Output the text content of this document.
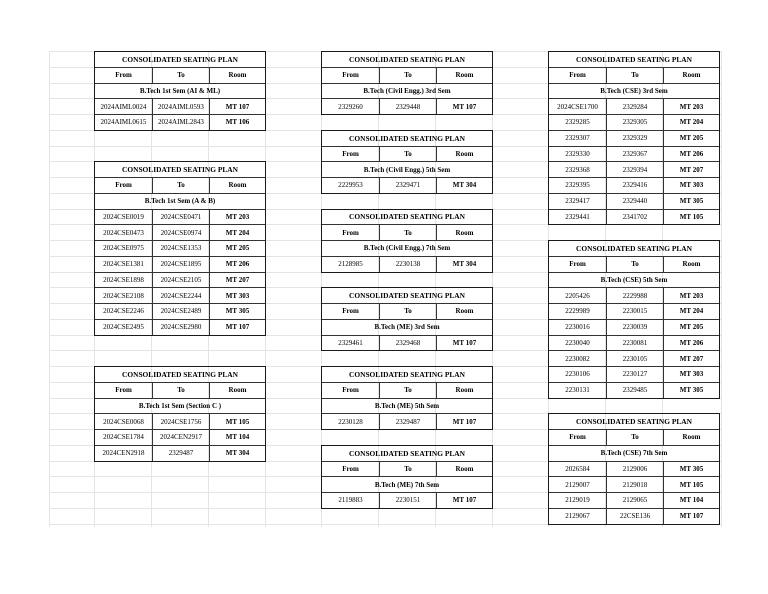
CONSOLIDATED SEATING PLAN
From	To	Room
B.Tech 1st Sem (AI & ML)
2024AIML0024	2024AIML0593	MT 107
2024AIML0615	2024AIML2843	MT 106
CONSOLIDATED SEATING PLAN
From	To	Room
B.Tech 1st Sem (A & B)
2024CSE0019	2024CSE0471	MT 203
2024CSE0473	2024CSE0974	MT 204
2024CSE0975	2024CSE1353	MT 205
2024CSE1381	2024CSE1895	MT 206
2024CSE1898	2024CSE2105	MT 207
2024CSE2108	2024CSE2244	MT 303
2024CSE2246	2024CSE2489	MT 305
2024CSE2495	2024CSE2980	MT 107
CONSOLIDATED SEATING PLAN
From	To	Room
B.Tech 1st Sem (Section C )
2024CSE0068	2024CSE1756	MT 105
2024CSE1784	2024CEN2917	MT 104
2024CEN2918	2329487	MT 304
CONSOLIDATED SEATING PLAN
From	To	Room
B.Tech (Civil Engg.) 3rd Sem
2329260	2329448	MT 107
CONSOLIDATED SEATING PLAN
From	To	Room
B.Tech (Civil Engg.) 5th Sem
2229953	2329471	MT 304
CONSOLIDATED SEATING PLAN
From	To	Room
B.Tech (Civil Engg.) 7th Sem
2128985	2230138	MT 304
CONSOLIDATED SEATING PLAN
From	To	Room
B.Tech (ME) 3rd Sem
2329461	2329468	MT 107
CONSOLIDATED SEATING PLAN
From	To	Room
B.Tech (ME) 5th Sem
2230128	2329487	MT 107
CONSOLIDATED SEATING PLAN
From	To	Room
B.Tech (ME) 7th Sem
2119883	2230151	MT 107
CONSOLIDATED SEATING PLAN
From	To	Room
B.Tech (CSE) 3rd Sem
2024CSE1700	2329284	MT 203
2329285	2329305	MT 204
2329307	2329329	MT 205
2329330	2329367	MT 206
2329368	2329394	MT 207
2329395	2329416	MT 303
2329417	2329440	MT 305
2329441	2341702	MT 105
CONSOLIDATED SEATING PLAN
From	To	Room
B.Tech (CSE) 5th Sem
2205426	2229988	MT 203
2229989	2230015	MT 204
2230016	2230039	MT 205
2230040	2230081	MT 206
2230082	2230105	MT 207
2230106	2230127	MT 303
2230131	2329485	MT 305
CONSOLIDATED SEATING PLAN
From	To	Room
B.Tech (CSE) 7th Sem
2026584	2129006	MT 305
2129007	2129018	MT 105
2129019	2129065	MT 104
2129067	22CSE136	MT 107
